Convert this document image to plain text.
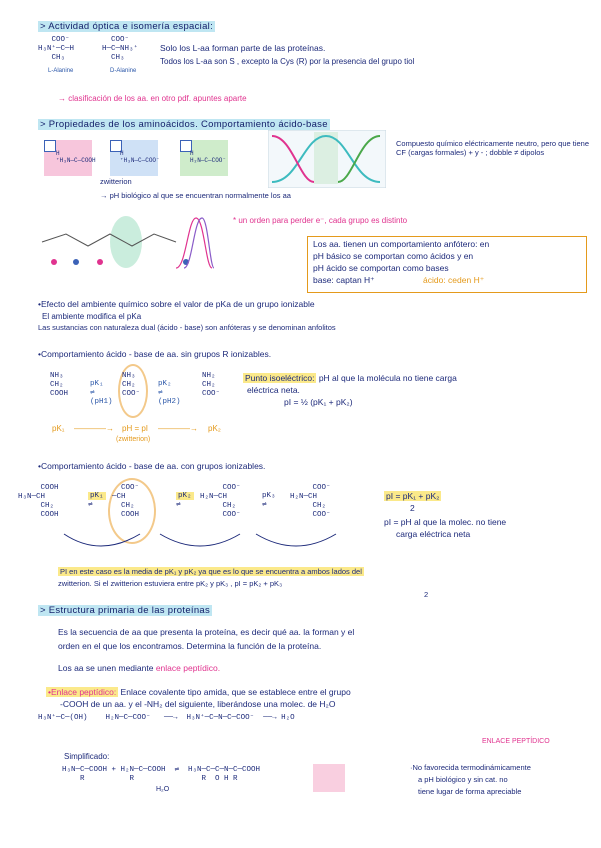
> Actividad óptica e isomería espacial:
COO⁻
H₃N⁺─C─H
CH₃
COO⁻
H─C─NH₃⁺
CH₃
L-Alanine	D-Alanine
Solo los L-aa forman parte de las proteínas.
Todos los L-aa son S , excepto la Cys (R) por la presencia del grupo tiol
→ clasificación de los aa. en otro pdf. apuntes aparte
> Propiedades de los aminoácidos. Comportamiento ácido-base
H
⁺H₃N─C─COOH
H
⁺H₃N─C─COO⁻
H
H₂N─C─COO⁻
Compuesto químico eléctricamente neutro, pero que tiene CF (cargas formales) + y - ; dobble ≠ dipolos
zwitterion
→ pH biológico al que se encuentran normalmente los aa
* un orden para perder e⁻, cada grupo es distinto
Los aa. tienen un comportamiento anfótero: en
pH básico se comportan como ácidos y en
pH ácido se comportan como bases
base: captan H⁺	ácido: ceden H⁺
•Efecto del ambiente químico sobre el valor de pKa de un grupo ionizable
El ambiente modifica el pKa
Las sustancias con naturaleza dual (ácido - base) son anfóteras y se denominan anfolitos
•Comportamiento ácido - base de aa. sin grupos R ionizables.
NH₃
CH₂
COOH
pK₁
⇌
(pH1)
NH₃
CH₂
COO⁻
pK₂
⇌
(pH2)
NH₂
CH₂
COO⁻
Punto isoeléctrico: pH al que la molécula no tiene carga
eléctrica neta.
pI = ½ (pK₁ + pK₂)
pK₁ ————→ pH = pI ————→ pK₂
(zwitterion)
•Comportamiento ácido - base de aa. con grupos ionizables.
COOH
H₃N─CH
CH₂
COOH
pK₁
⇌
COO⁻
─CH
CH₂
COOH
pK₂
⇌
COO⁻
H₂N─CH
CH₂
COO⁻
pK₃
⇌
COO⁻
H₂N─CH
CH₂
COO⁻
pI = pK₁ + pK₂
2
pI = pH al que la molec. no tiene
carga eléctrica neta
PI en este caso es la media de pK₁ y pK₂ ya que es lo que se encuentra a ambos lados del
zwitterion. Si el zwitterion estuviera entre pK₂ y pK₃ , pI = pK₂ + pK₃
2
> Estructura primaria de las proteínas
Es la secuencia de aa que presenta la proteína, es decir qué aa. la forman y el
orden en el que los encontramos. Determina la función de la proteína.
Los aa se unen mediante enlace peptídico.
•Enlace peptídico: Enlace covalente tipo amida, que se establece entre el grupo
-COOH de un aa. y el -NH₂ del siguiente, liberándose una molec. de H₂O
H₃N⁺─C─(OH)    H₂N─C─COO⁻   ──→  H₃N⁺─C─N─C─COO⁻  ──→ H₂O
ENLACE PEPTÍDICO
Simplificado:
H₃N─C─COOH + H₂N─C─COOH  ⇌  H₃N─C─C─N─C─COOH
R          R               R  O H R
H₂O
·No favorecida termodinámicamente
a pH biológico y sin cat. no
tiene lugar de forma apreciable
